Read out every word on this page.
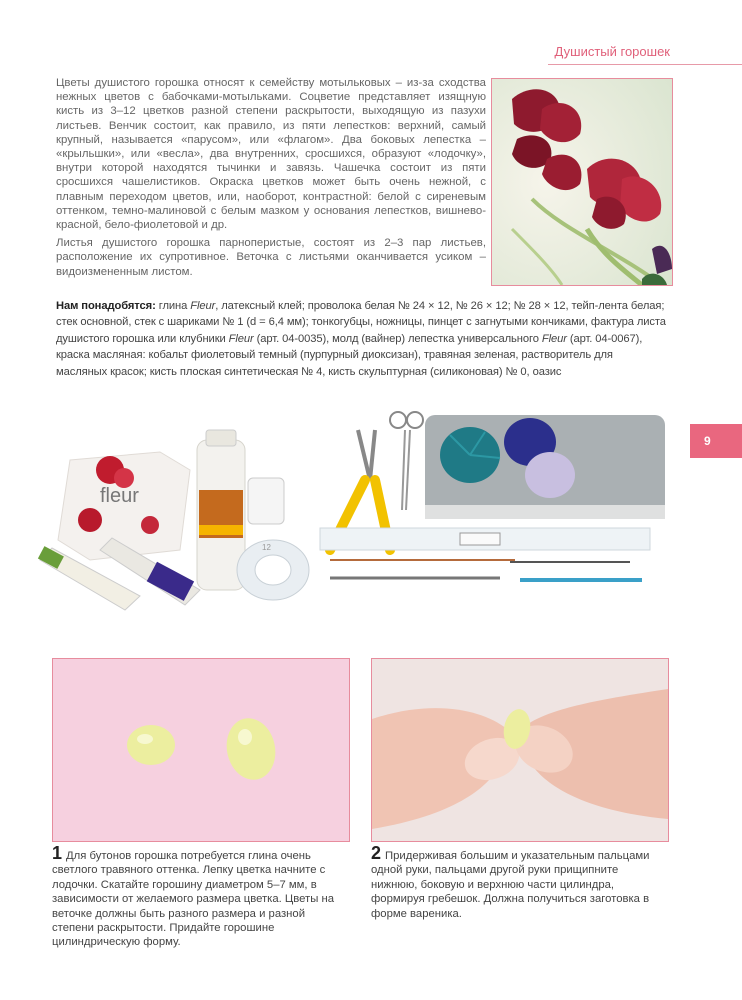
Душистый горошек

Цветы душистого горошка относят к семейству мотыльковых – из-за сходства нежных цветов с бабочками-мотыльками. Соцветие представляет изящную кисть из 3–12 цветков разной степени раскрытости, выходящую из пазухи листьев. Венчик состоит, как правило, из пяти лепестков: верхний, самый крупный, называется «парусом», или «флагом». Два боковых лепестка – «крыльшки», или «весла», два внутренних, сросшихся, образуют «лодочку», внутри которой находятся тычинки и завязь. Чашечка состоит из пяти сросшихся чашелистиков. Окраска цветков может быть очень нежной, с плавным переходом цветов, или, наоборот, контрастной: белой с сиреневым оттенком, темно-малиновой с белым мазком у основания лепестков, вишнево-красной, бело-фиолетовой и др.

Листья душистого горошка парноперистые, состоят из 2–3 пар листьев, расположение их супротивное. Веточка с листьями оканчивается усиком – видоизмененным листом.

Нам понадобятся: глина Fleur, латексный клей; проволока белая № 24 × 12, № 26 × 12; № 28 × 12, тейп-лента белая; стек основной, стек с шариками № 1 (d = 6,4 мм); тонкогубцы, ножницы, пинцет с загнутыми кончиками, фактура листа душистого горошка или клубники Fleur (арт. 04-0035), молд (вайнер) лепестка универсального Fleur (арт. 04-0067), краска масляная: кобальт фиолетовый темный (пурпурный диоксизан), травяная зеленая, растворитель для масляных красок; кисть плоская синтетическая № 4, кисть скульптурная (силиконовая) № 0, оазис
9
fleur
12
1 Для бутонов горошка потребуется глина очень светлого травяного оттенка. Лепку цветка начните с лодочки. Скатайте горошину диаметром 5–7 мм, в зависимости от желаемого размера цветка. Цветы на веточке должны быть разного размера и разной степени раскрытости. Придайте горошине цилиндрическую форму.
2 Придерживая большим и указательным пальцами одной руки, пальцами другой руки прищипните нижнюю, боковую и верхнюю части цилиндра, формируя гребешок. Должна получиться заготовка в форме вареника.
